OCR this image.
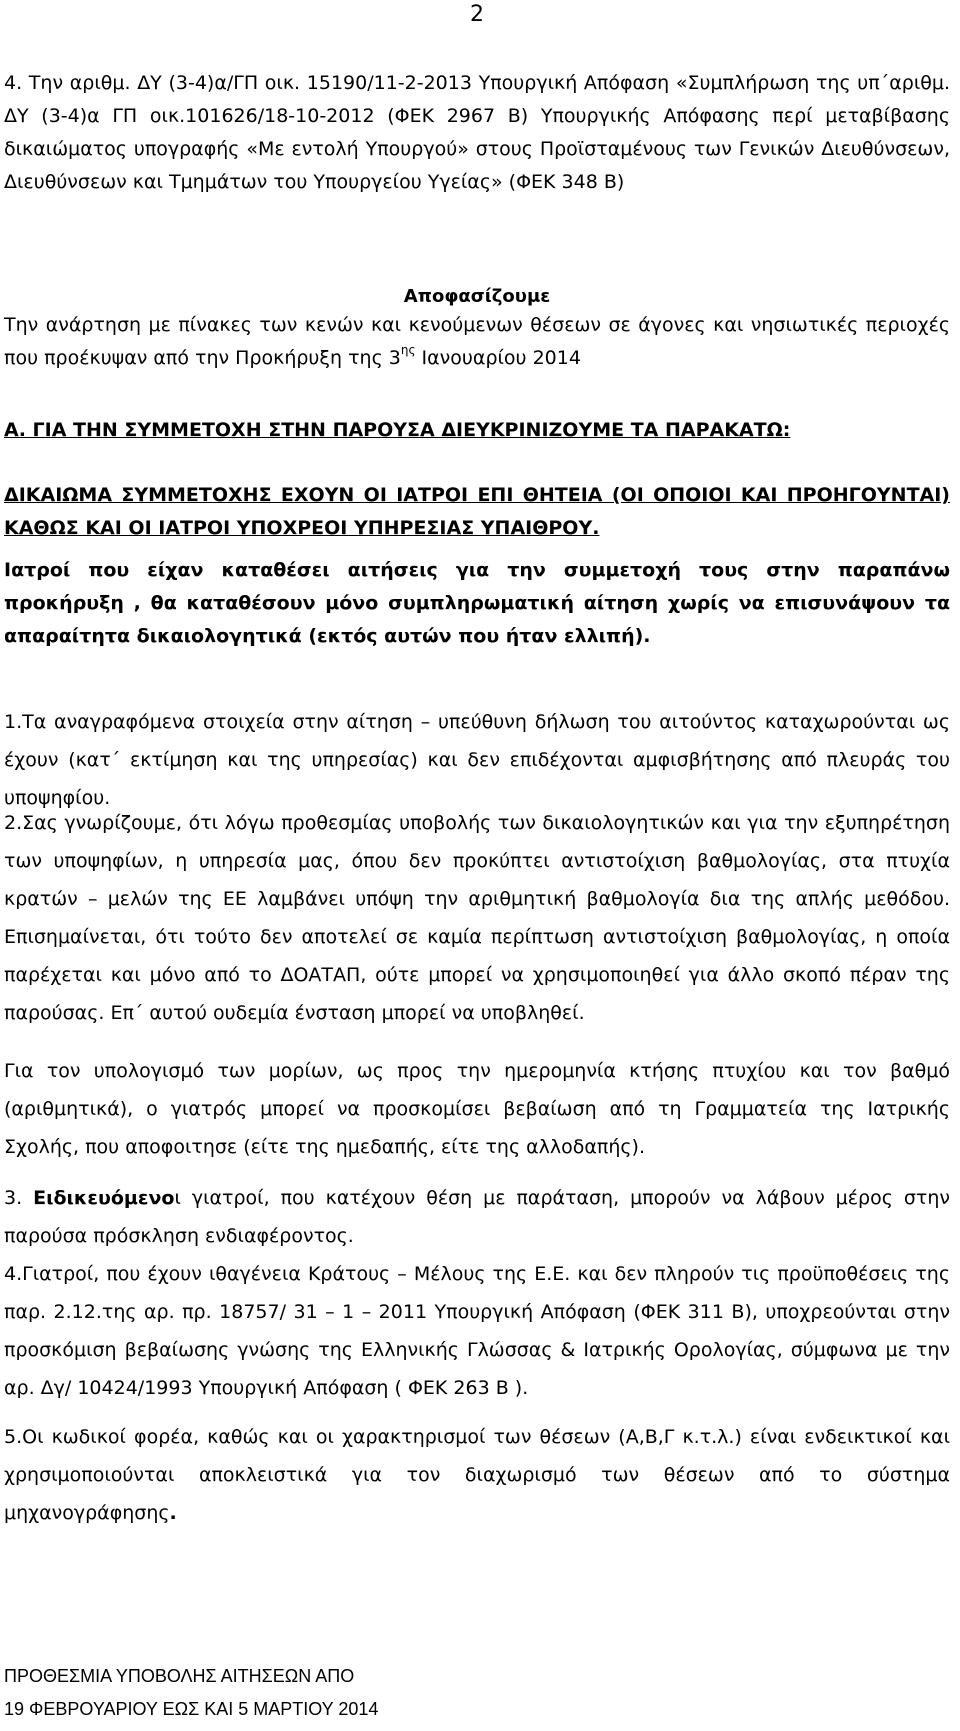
2

4. Την αριθμ. ΔΥ (3-4)α/ΓΠ οικ. 15190/11-2-2013 Υπουργική Απόφαση «Συμπλήρωση της υπ΄αριθμ. ΔΥ (3-4)α ΓΠ οικ.101626/18-10-2012 (ΦΕΚ 2967 Β) Υπουργικής Απόφασης περί μεταβίβασης δικαιώματος υπογραφής «Με εντολή Υπουργού» στους Προϊσταμένους των Γενικών Διευθύνσεων, Διευθύνσεων και Τμημάτων του Υπουργείου Υγείας» (ΦΕΚ 348 Β)

Αποφασίζουμε

Την ανάρτηση με πίνακες των κενών και κενούμενων θέσεων σε άγονες και νησιωτικές περιοχές που προέκυψαν από την Προκήρυξη της $3^{\eta\varsigma}$ Ιανουαρίου 2014

Α. ΓΙΑ ΤΗΝ ΣΥΜΜΕΤΟΧΗ ΣΤΗΝ ΠΑΡΟΥΣΑ ΔΙΕΥΚΡΙΝΙΖΟΥΜΕ ΤΑ ΠΑΡΑΚΑΤΩ:

ΔΙΚΑΙΩΜΑ ΣΥΜΜΕΤΟΧΗΣ ΕΧΟΥΝ ΟΙ ΙΑΤΡΟΙ ΕΠΙ ΘΗΤΕΙΑ (ΟΙ ΟΠΟΙΟΙ ΚΑΙ ΠΡΟΗΓΟΥΝΤΑΙ) ΚΑΘΩΣ ΚΑΙ ΟΙ ΙΑΤΡΟΙ ΥΠΟΧΡΕΟΙ ΥΠΗΡΕΣΙΑΣ ΥΠΑΙΘΡΟΥ.

Ιατροί που είχαν καταθέσει αιτήσεις για την συμμετοχή τους στην παραπάνω προκήρυξη , θα καταθέσουν μόνο συμπληρωματική αίτηση χωρίς να επισυνάψουν τα απαραίτητα δικαιολογητικά (εκτός αυτών που ήταν ελλιπή).

1.Τα αναγραφόμενα στοιχεία στην αίτηση – υπεύθυνη δήλωση του αιτούντος καταχωρούνται ως έχουν (κατ΄ εκτίμηση και της υπηρεσίας) και δεν επιδέχονται αμφισβήτησης από πλευράς του υποψηφίου.

2.Σας γνωρίζουμε, ότι λόγω προθεσμίας υποβολής των δικαιολογητικών και για την εξυπηρέτηση των υποψηφίων, η υπηρεσία μας, όπου δεν προκύπτει αντιστοίχιση βαθμολογίας, στα πτυχία κρατών – μελών της ΕΕ λαμβάνει υπόψη την αριθμητική βαθμολογία δια της απλής μεθόδου. Επισημαίνεται, ότι τούτο δεν αποτελεί σε καμία περίπτωση αντιστοίχιση βαθμολογίας, η οποία παρέχεται και μόνο από το ΔΟΑΤΑΠ, ούτε μπορεί να χρησιμοποιηθεί για άλλο σκοπό πέραν της παρούσας. Επ΄ αυτού ουδεμία ένσταση μπορεί να υποβληθεί.

Για τον υπολογισμό των μορίων, ως προς την ημερομηνία κτήσης πτυχίου και τον βαθμό (αριθμητικά), ο γιατρός μπορεί να προσκομίσει βεβαίωση από τη Γραμματεία της Ιατρικής Σχολής, που αποφοιτησε (είτε της ημεδαπής, είτε της αλλοδαπής).

3. Ειδικευόμενοι γιατροί, που κατέχουν θέση με παράταση, μπορούν να λάβουν μέρος στην παρούσα πρόσκληση ενδιαφέροντος.

4.Γιατροί, που έχουν ιθαγένεια Κράτους – Μέλους της Ε.Ε. και δεν πληρούν τις προϋποθέσεις της παρ. 2.12.της αρ. πρ. 18757/ 31 – 1 – 2011 Υπουργική Απόφαση (ΦΕΚ 311 Β), υποχρεούνται στην προσκόμιση βεβαίωσης γνώσης της Ελληνικής Γλώσσας & Ιατρικής Ορολογίας, σύμφωνα με την αρ. Δγ/ 10424/1993 Υπουργική Απόφαση ( ΦΕΚ 263 Β ).

5.Οι κωδικοί φορέα, καθώς και οι χαρακτηρισμοί των θέσεων (Α,Β,Γ κ.τ.λ.) είναι ενδεικτικοί και χρησιμοποιούνται αποκλειστικά για τον διαχωρισμό των θέσεων από το σύστημα μηχανογράφησης.

ΠΡΟΘΕΣΜΙΑ ΥΠΟΒΟΛΗΣ ΑΙΤΗΣΕΩΝ ΑΠΟ
19 ΦΕΒΡΟΥΑΡΙΟΥ ΕΩΣ ΚΑΙ 5 ΜΑΡΤΙΟΥ 2014
